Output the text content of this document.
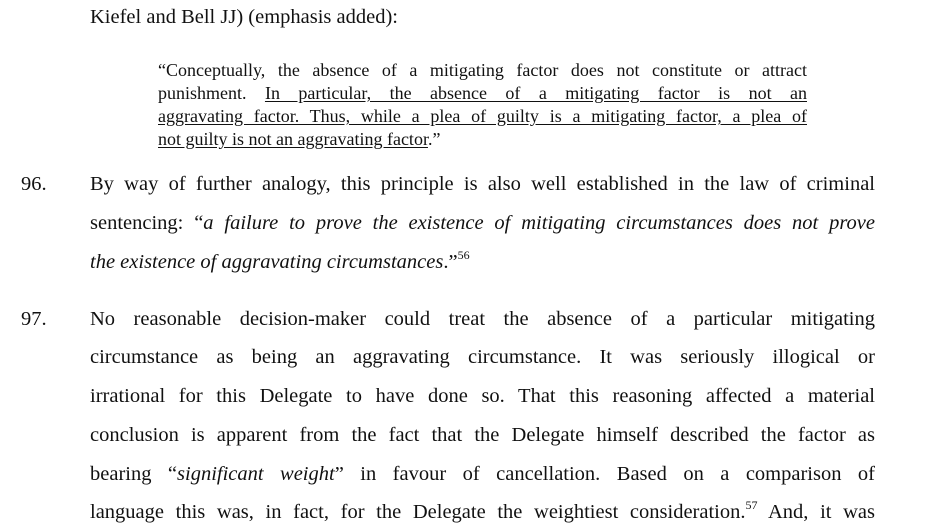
Kiefel and Bell JJ) (emphasis added):
“Conceptually, the absence of a mitigating factor does not constitute or attract
punishment. In particular, the absence of a mitigating factor is not an
aggravating factor. Thus, while a plea of guilty is a mitigating factor, a plea of
not guilty is not an aggravating factor.”
96. By way of further analogy, this principle is also well established in the law of criminal
sentencing: “a failure to prove the existence of mitigating circumstances does not prove
the existence of aggravating circumstances.”$^{56}$
97. No reasonable decision-maker could treat the absence of a particular mitigating
circumstance as being an aggravating circumstance. It was seriously illogical or
irrational for this Delegate to have done so. That this reasoning affected a material
conclusion is apparent from the fact that the Delegate himself described the factor as
bearing “significant weight” in favour of cancellation. Based on a comparison of
language this was, in fact, for the Delegate the weightiest consideration.$^{57}$ And, it was
